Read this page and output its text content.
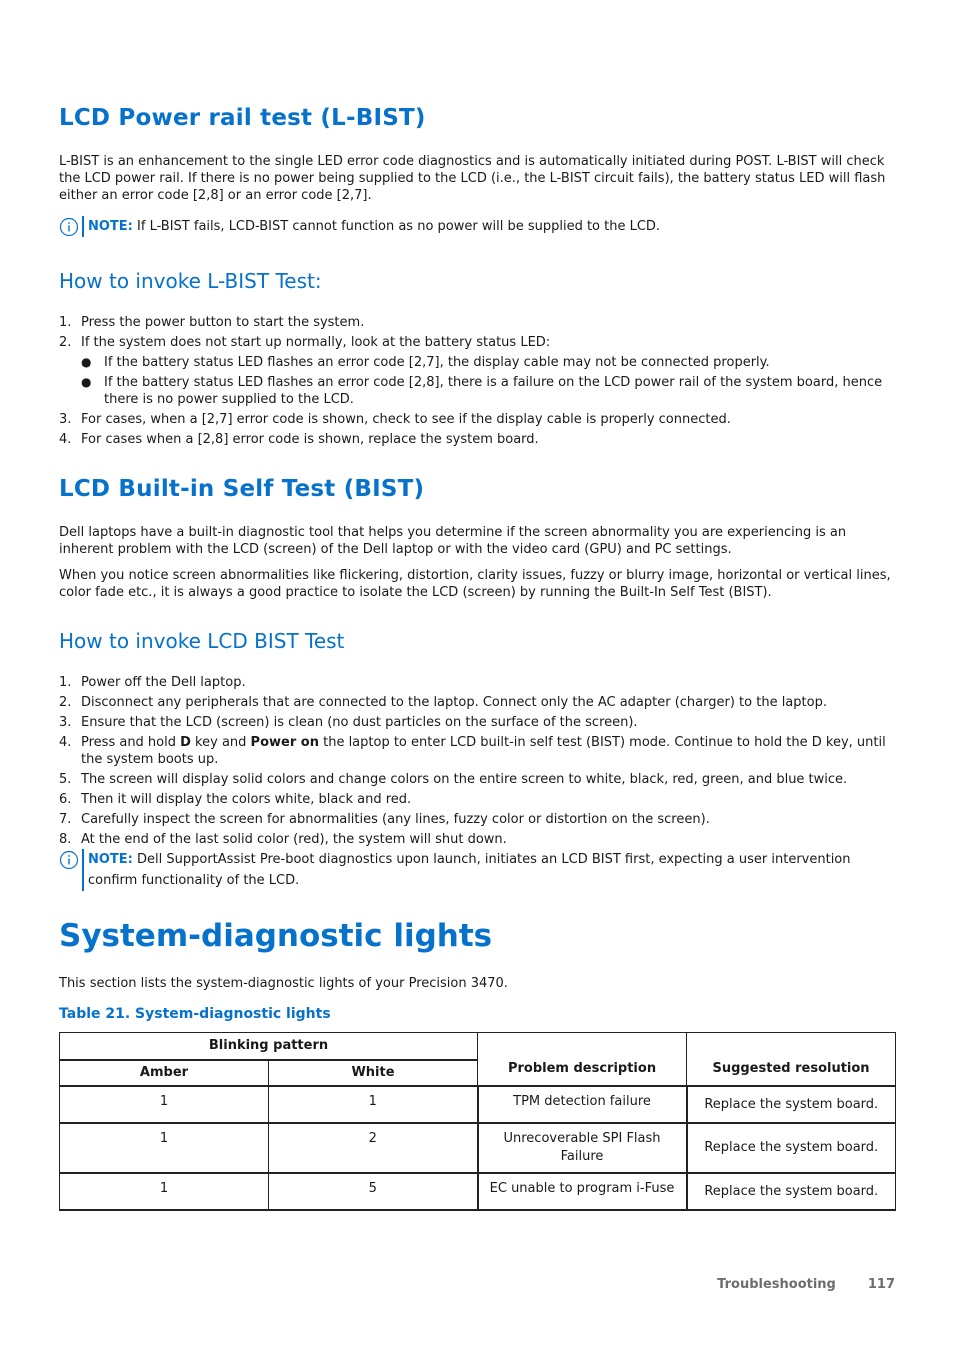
LCD Power rail test (L-BIST)

L-BIST is an enhancement to the single LED error code diagnostics and is automatically initiated during POST. L-BIST will check the LCD power rail. If there is no power being supplied to the LCD (i.e., the L-BIST circuit fails), the battery status LED will flash either an error code [2,8] or an error code [2,7].

NOTE: If L-BIST fails, LCD-BIST cannot function as no power will be supplied to the LCD.
How to invoke L-BIST Test:
1. Press the power button to start the system.
2. If the system does not start up normally, look at the battery status LED:
● If the battery status LED flashes an error code [2,7], the display cable may not be connected properly.
● If the battery status LED flashes an error code [2,8], there is a failure on the LCD power rail of the system board, hence there is no power supplied to the LCD.
3. For cases, when a [2,7] error code is shown, check to see if the display cable is properly connected.
4. For cases when a [2,8] error code is shown, replace the system board.
LCD Built-in Self Test (BIST)

Dell laptops have a built-in diagnostic tool that helps you determine if the screen abnormality you are experiencing is an inherent problem with the LCD (screen) of the Dell laptop or with the video card (GPU) and PC settings.

When you notice screen abnormalities like flickering, distortion, clarity issues, fuzzy or blurry image, horizontal or vertical lines, color fade etc., it is always a good practice to isolate the LCD (screen) by running the Built-In Self Test (BIST).

How to invoke LCD BIST Test
1. Power off the Dell laptop.
2. Disconnect any peripherals that are connected to the laptop. Connect only the AC adapter (charger) to the laptop.
3. Ensure that the LCD (screen) is clean (no dust particles on the surface of the screen).
4. Press and hold D key and Power on the laptop to enter LCD built-in self test (BIST) mode. Continue to hold the D key, until the system boots up.
5. The screen will display solid colors and change colors on the entire screen to white, black, red, green, and blue twice.
6. Then it will display the colors white, black and red.
7. Carefully inspect the screen for abnormalities (any lines, fuzzy color or distortion on the screen).
8. At the end of the last solid color (red), the system will shut down.
NOTE: Dell SupportAssist Pre-boot diagnostics upon launch, initiates an LCD BIST first, expecting a user intervention confirm functionality of the LCD.
System-diagnostic lights

This section lists the system-diagnostic lights of your Precision 3470.

Table 21. System-diagnostic lights
Blinking pattern		Problem description	Suggested resolution
Amber	White		
1	1	TPM detection failure	Replace the system board.
1	2	Unrecoverable SPI Flash Failure	Replace the system board.
1	5	EC unable to program i-Fuse	Replace the system board.
Troubleshooting 117
